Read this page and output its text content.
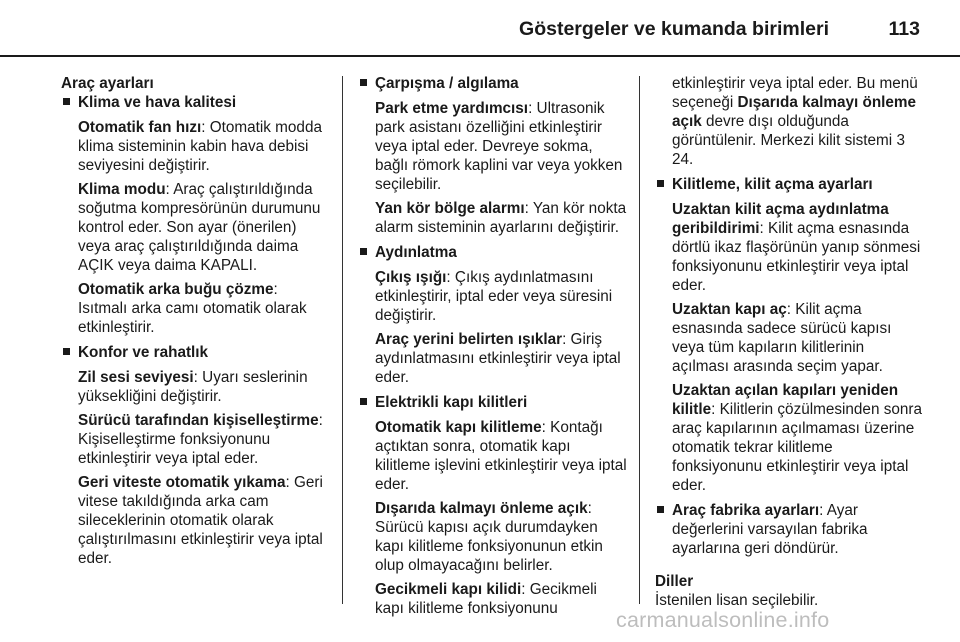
Göstergeler ve kumanda birimleri	113
Araç ayarları
Klima ve hava kalitesi
Otomatik fan hızı: Otomatik modda klima sisteminin kabin hava debisi seviyesini değiştirir.
Klima modu: Araç çalıştırıldığında soğutma kompresörünün durumunu kontrol eder. Son ayar (önerilen) veya araç çalıştırıldığında daima AÇIK veya daima KAPALI.
Otomatik arka buğu çözme: Isıtmalı arka camı otomatik olarak etkinleştirir.
Konfor ve rahatlık
Zil sesi seviyesi: Uyarı seslerinin yüksekliğini değiştirir.
Sürücü tarafından kişiselleştirme: Kişiselleştirme fonksiyonunu etkinleştirir veya iptal eder.
Geri viteste otomatik yıkama: Geri vitese takıldığında arka cam sileceklerinin otomatik olarak çalıştırılmasını etkinleştirir veya iptal eder.
Çarpışma / algılama
Park etme yardımcısı: Ultrasonik park asistanı özelliğini etkinleştirir veya iptal eder. Devreye sokma, bağlı römork kaplini var veya yokken seçilebilir.
Yan kör bölge alarmı: Yan kör nokta alarm sisteminin ayarlarını değiştirir.
Aydınlatma
Çıkış ışığı: Çıkış aydınlatmasını etkinleştirir, iptal eder veya süresini değiştirir.
Araç yerini belirten ışıklar: Giriş aydınlatmasını etkinleştirir veya iptal eder.
Elektrikli kapı kilitleri
Otomatik kapı kilitleme: Kontağı açtıktan sonra, otomatik kapı kilitleme işlevini etkinleştirir veya iptal eder.
Dışarıda kalmayı önleme açık: Sürücü kapısı açık durumdayken kapı kilitleme fonksiyonunun etkin olup olmayacağını belirler.
Gecikmeli kapı kilidi: Gecikmeli kapı kilitleme fonksiyonunu
etkinleştirir veya iptal eder. Bu menü seçeneği Dışarıda kalmayı önleme açık devre dışı olduğunda görüntülenir. Merkezi kilit sistemi 3 24.
Kilitleme, kilit açma ayarları
Uzaktan kilit açma aydınlatma geribildirimi: Kilit açma esnasında dörtlü ikaz flaşörünün yanıp sönmesi fonksiyonunu etkinleştirir veya iptal eder.
Uzaktan kapı aç: Kilit açma esnasında sadece sürücü kapısı veya tüm kapıların kilitlerinin açılması arasında seçim yapar.
Uzaktan açılan kapıları yeniden kilitle: Kilitlerin çözülmesinden sonra araç kapılarının açılmaması üzerine otomatik tekrar kilitleme fonksiyonunu etkinleştirir veya iptal eder.
Araç fabrika ayarları: Ayar değerlerini varsayılan fabrika ayarlarına geri döndürür.
Diller
İstenilen lisan seçilebilir.
carmanualsonline.info
